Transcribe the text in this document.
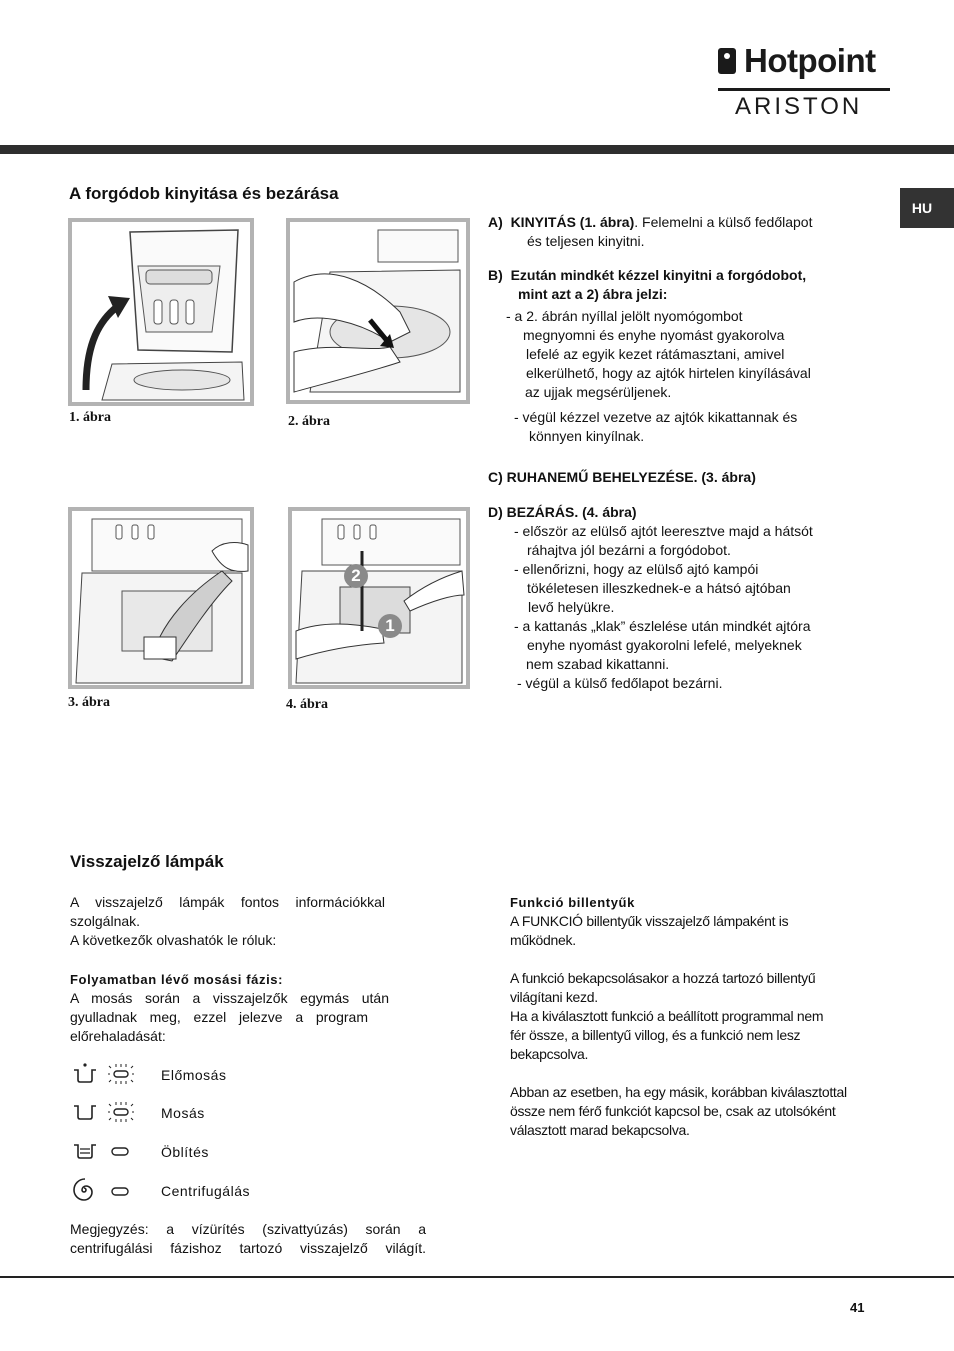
Hotpoint
ARISTON
HU
A forgódob kinyitása és bezárása
1. ábra	2. ábra
3. ábra
2
1
4. ábra
A) KINYITÁS (1. ábra). Felemelni a külső fedőlapot
és teljesen kinyitni.
B) Ezután mindkét kézzel kinyitni a forgódobot,
mint azt a 2) ábra jelzi:
- a 2. ábrán nyíllal jelölt nyomógombot
megnyomni és enyhe nyomást gyakorolva
lefelé az egyik kezet rátámasztani, amivel
elkerülhető, hogy az ajtók hirtelen kinyílásával
az ujjak megsérüljenek.
- végül kézzel vezetve az ajtók kikattannak és
könnyen kinyílnak.
C) RUHANEMŰ BEHELYEZÉSE. (3. ábra)
D) BEZÁRÁS. (4. ábra)
- először az elülső ajtót leeresztve majd a hátsót
ráhajtva jól bezárni a forgódobot.
- ellenőrizni, hogy az elülső ajtó kampói
tökéletesen illeszkednek-e a hátsó ajtóban
levő helyükre.
- a kattanás „klak” észlelése után mindkét ajtóra
enyhe nyomást gyakorolni lefelé, melyeknek
nem szabad kikattanni.
- végül a külső fedőlapot bezárni.
Visszajelző lámpák
A visszajelző lámpák fontos információkkal
szolgálnak.
A következők olvashatók le róluk:
Folyamatban lévő mosási fázis:
A mosás során a visszajelzők egymás után
gyulladnak meg, ezzel jelezve a program
előrehaladását:
Előmosás
Mosás
Öblítés
Centrifugálás
Megjegyzés: a vízürítés (szivattyúzás) során a
centrifugálási fázishoz tartozó visszajelző világít.
Funkció billentyűk
A FUNKCIÓ billentyűk visszajelző lámpaként is
működnek.
A funkció bekapcsolásakor a hozzá tartozó billentyű
világítani kezd.
Ha a kiválasztott funkció a beállított programmal nem
fér össze, a billentyű villog, és a funkció nem lesz
bekapcsolva.
Abban az esetben, ha egy másik, korábban kiválasztottal
össze nem férő funkciót kapcsol be, csak az utolsóként
választott marad bekapcsolva.
41
